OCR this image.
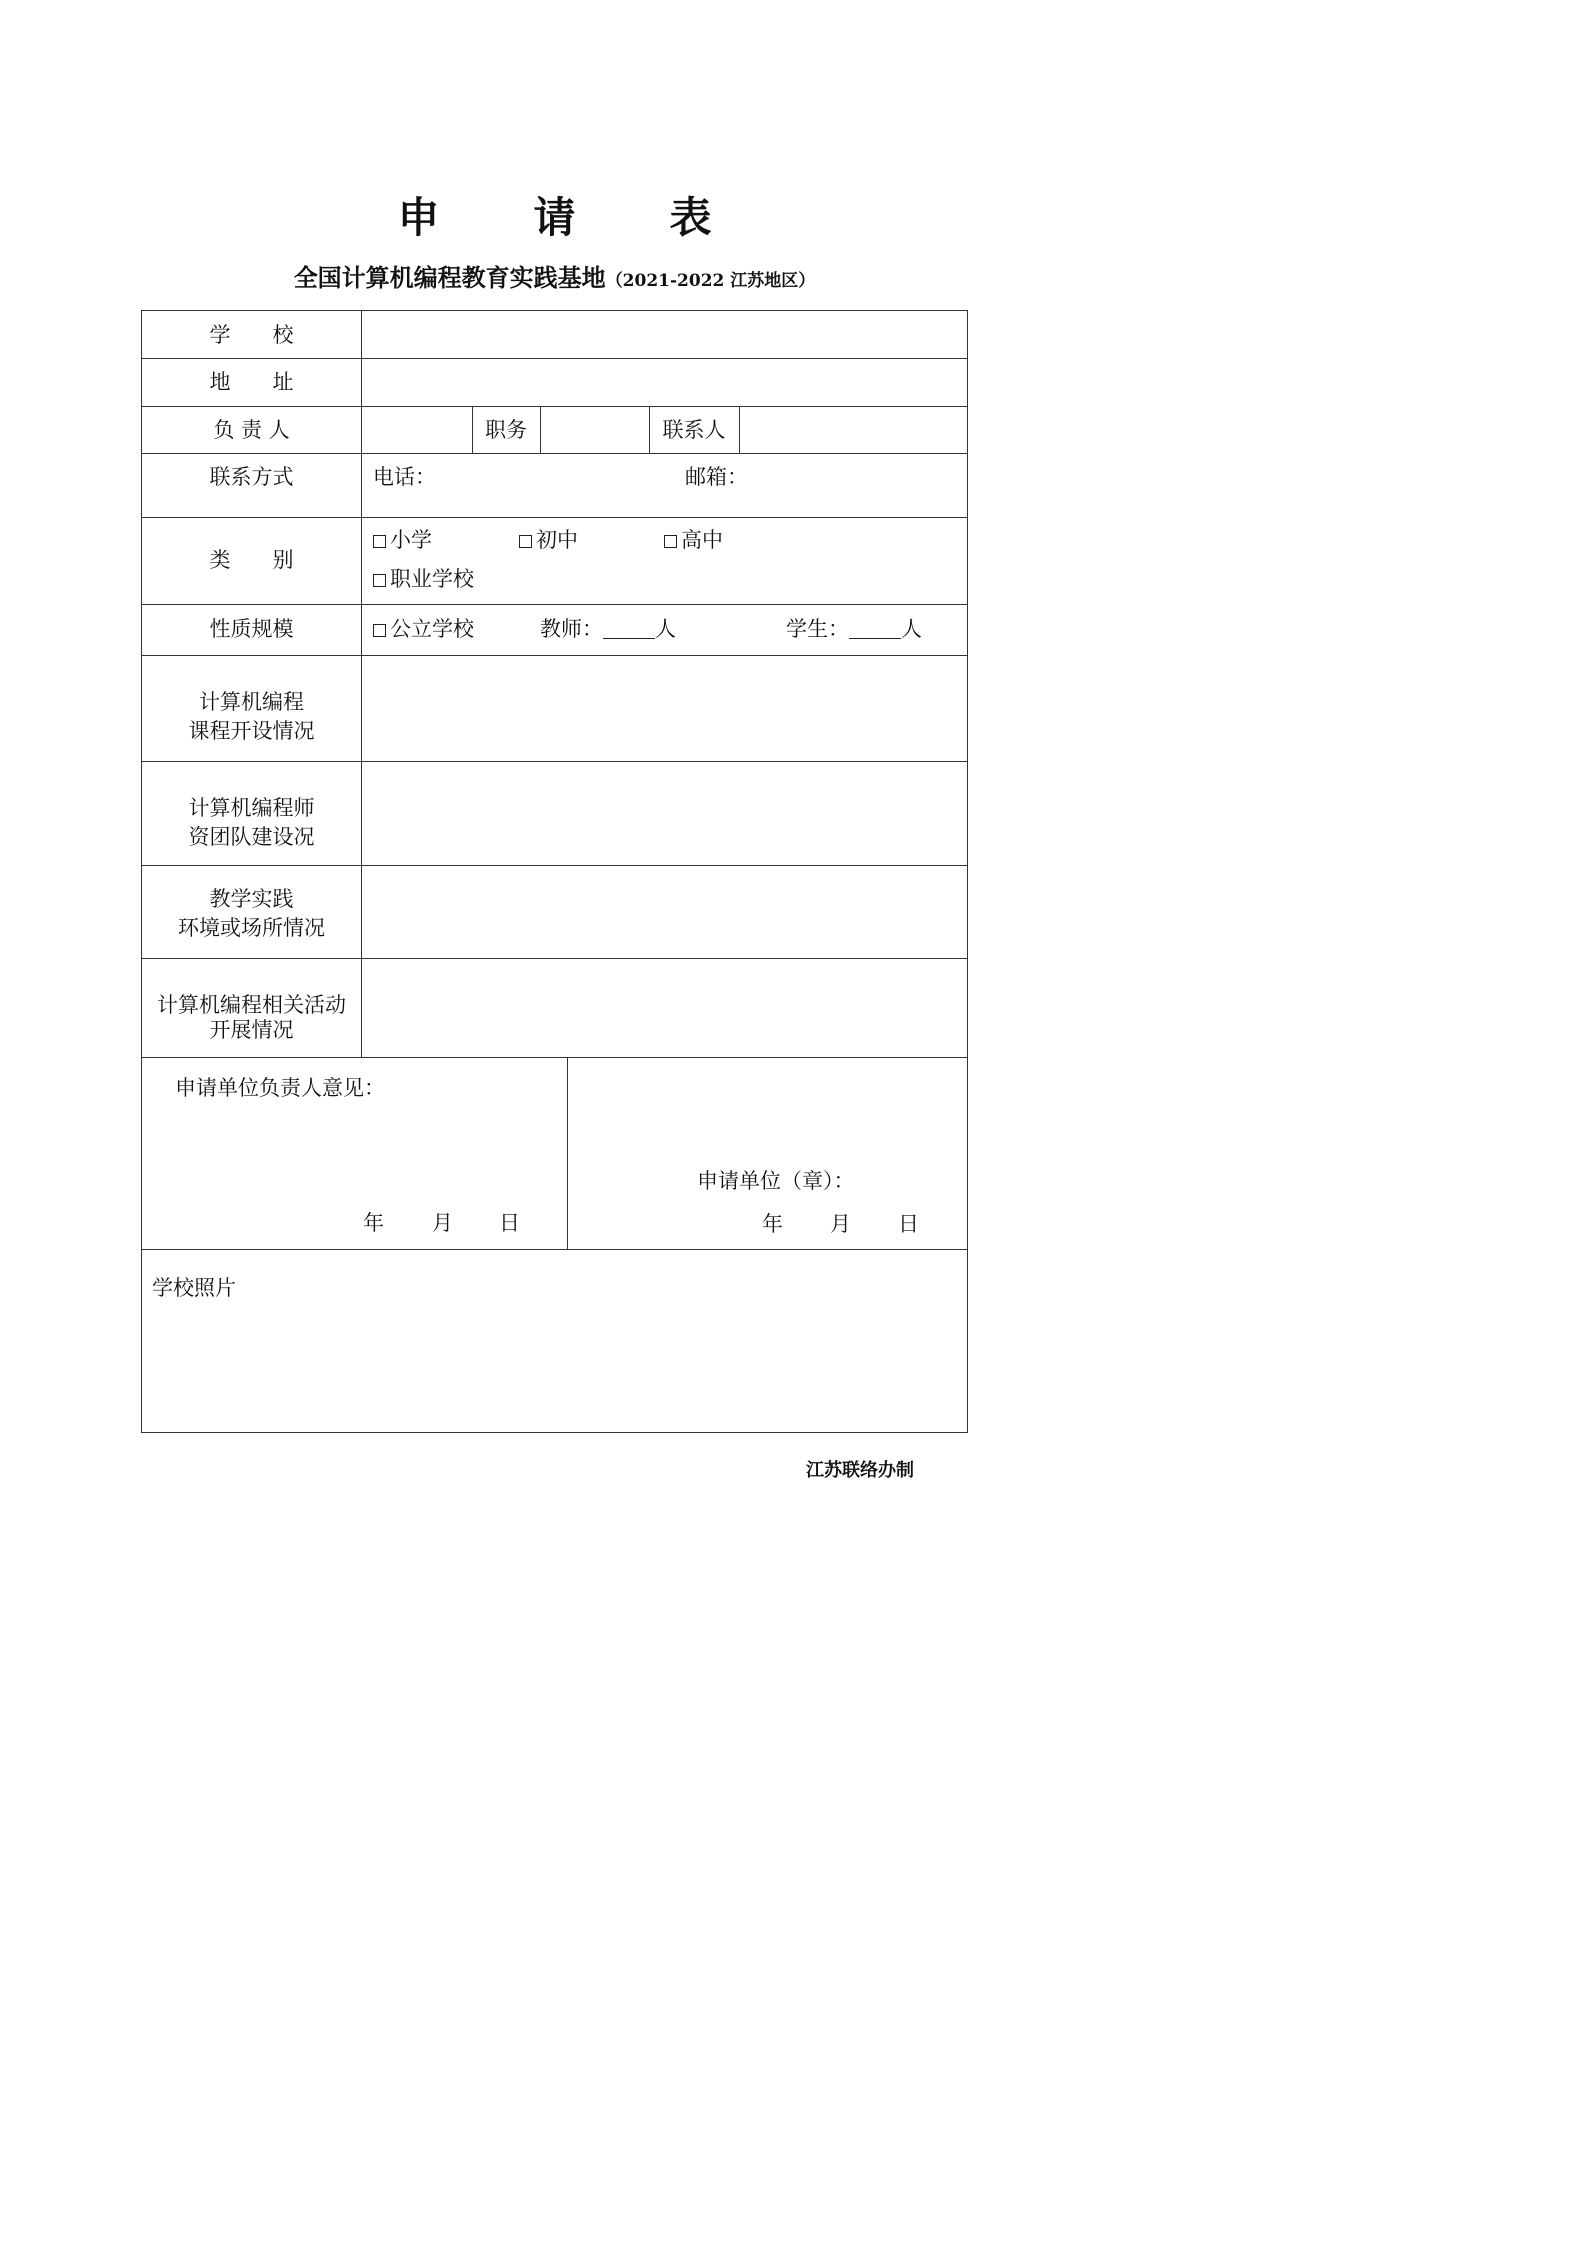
申　请　表
全国计算机编程教育实践基地（2021-2022 江苏地区）
学　　校
地　　址
负 责 人	职务	联系人
联系方式	电话：	邮箱：
类　　别
小学	初中	高中
职业学校
性质规模	公立学校	教师： 人	学生： 人
计算机编程
课程开设情况
计算机编程师
资团队建设况
教学实践
环境或场所情况
计算机编程相关活动
开展情况
申请单位负责人意见：
年 月 日
申请单位（章）：
年 月 日
学校照片
江苏联络办制
